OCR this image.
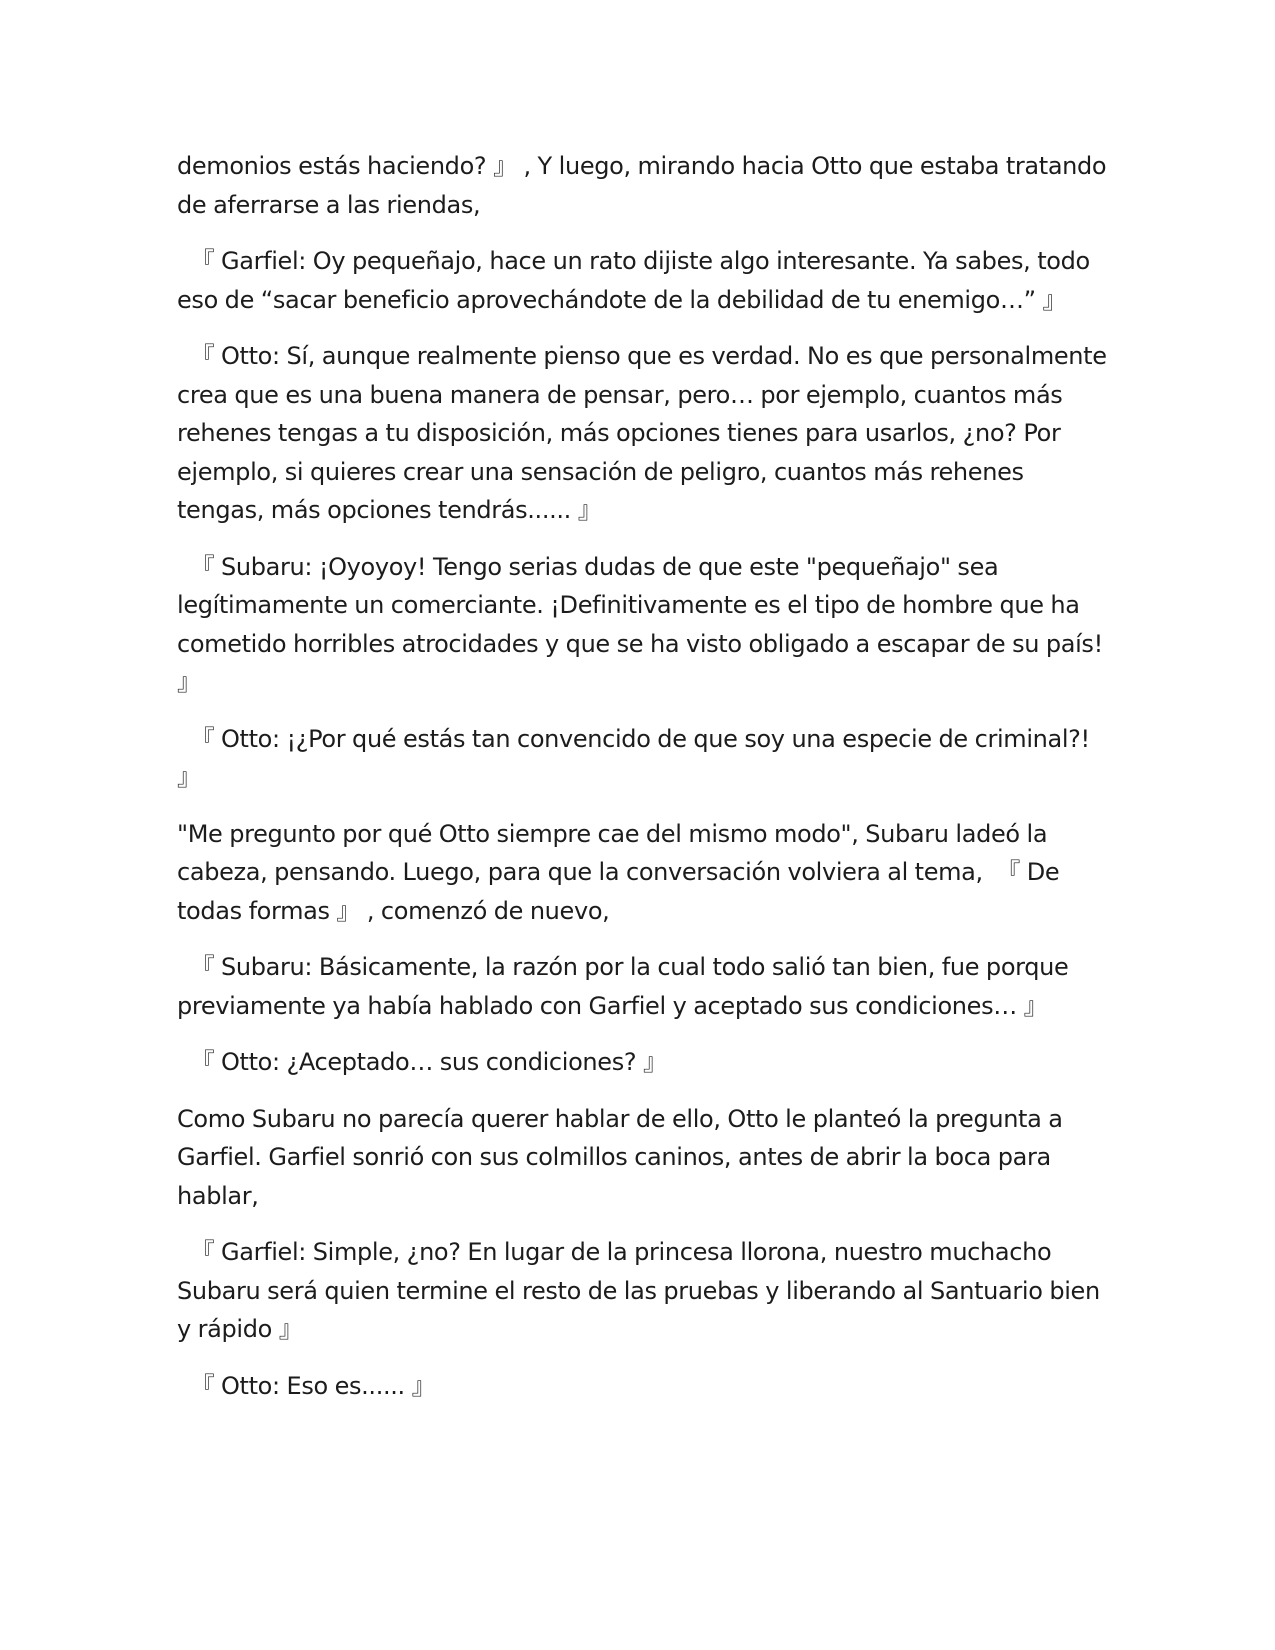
demonios estás haciendo? 』 , Y luego, mirando hacia Otto que estaba tratando de aferrarse a las riendas,

『 Garfiel: Oy pequeñajo, hace un rato dijiste algo interesante. Ya sabes, todo eso de “sacar beneficio aprovechándote de la debilidad de tu enemigo…” 』

『 Otto: Sí, aunque realmente pienso que es verdad. No es que personalmente crea que es una buena manera de pensar, pero… por ejemplo, cuantos más rehenes tengas a tu disposición, más opciones tienes para usarlos, ¿no? Por ejemplo, si quieres crear una sensación de peligro, cuantos más rehenes tengas, más opciones tendrás...... 』

『 Subaru: ¡Oyoyoy! Tengo serias dudas de que este "pequeñajo" sea legítimamente un comerciante. ¡Definitivamente es el tipo de hombre que ha cometido horribles atrocidades y que se ha visto obligado a escapar de su país! 』

『 Otto: ¡¿Por qué estás tan convencido de que soy una especie de criminal?! 』

"Me pregunto por qué Otto siempre cae del mismo modo", Subaru ladeó la cabeza, pensando. Luego, para que la conversación volviera al tema,  『 De todas formas 』 , comenzó de nuevo,

『 Subaru: Básicamente, la razón por la cual todo salió tan bien, fue porque previamente ya había hablado con Garfiel y aceptado sus condiciones… 』

『 Otto: ¿Aceptado… sus condiciones? 』

Como Subaru no parecía querer hablar de ello, Otto le planteó la pregunta a Garfiel. Garfiel sonrió con sus colmillos caninos, antes de abrir la boca para hablar,

『 Garfiel: Simple, ¿no? En lugar de la princesa llorona, nuestro muchacho Subaru será quien termine el resto de las pruebas y liberando al Santuario bien y rápido 』

『 Otto: Eso es...... 』
